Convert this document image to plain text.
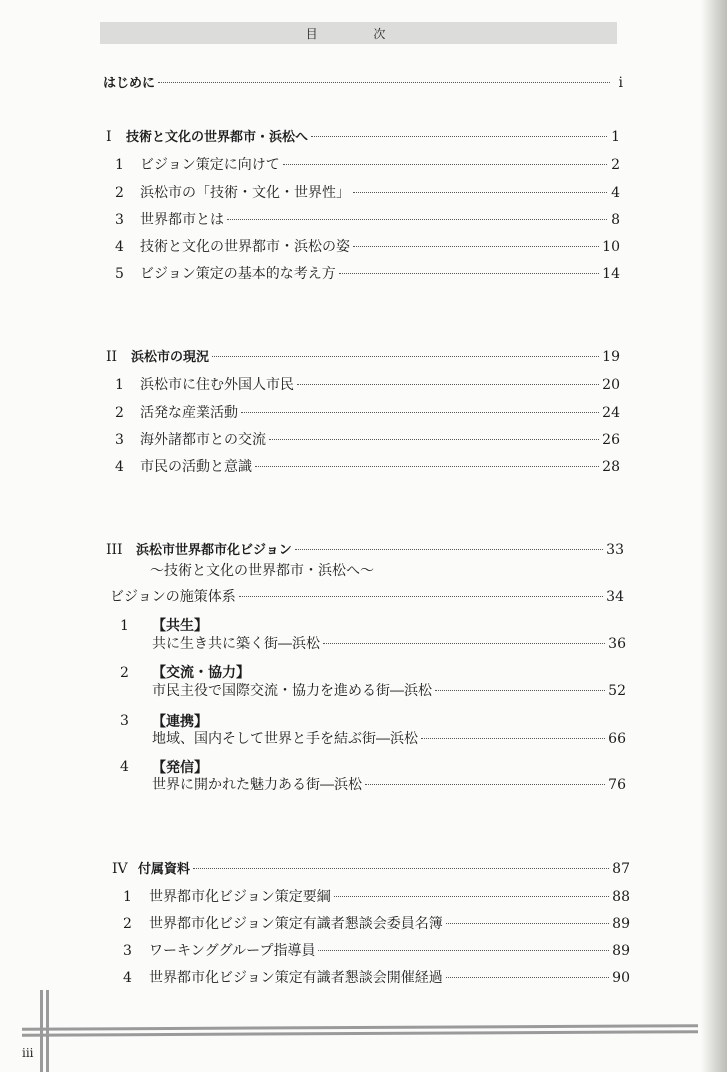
目 次
はじめに	i
I	技術と文化の世界都市・浜松へ	1
1	ビジョン策定に向けて	2
2	浜松市の「技術・文化・世界性」	4
3	世界都市とは	8
4	技術と文化の世界都市・浜松の姿	10
5	ビジョン策定の基本的な考え方	14
II	浜松市の現況	19
1	浜松市に住む外国人市民	20
2	活発な産業活動	24
3	海外諸都市との交流	26
4	市民の活動と意識	28
III	浜松市世界都市化ビジョン	33
～技術と文化の世界都市・浜松へ～
ビジョンの施策体系	34
【共生】
1
共に生き共に築く街―浜松	36
【交流・協力】
2
市民主役で国際交流・協力を進める街―浜松	52
【連携】
3
地域、国内そして世界と手を結ぶ街―浜松	66
【発信】
4
世界に開かれた魅力ある街―浜松	76
IV 付属資料	87
1	世界都市化ビジョン策定要綱	88
2	世界都市化ビジョン策定有識者懇談会委員名簿	89
3	ワーキンググループ指導員	89
4	世界都市化ビジョン策定有識者懇談会開催経過	90
iii
